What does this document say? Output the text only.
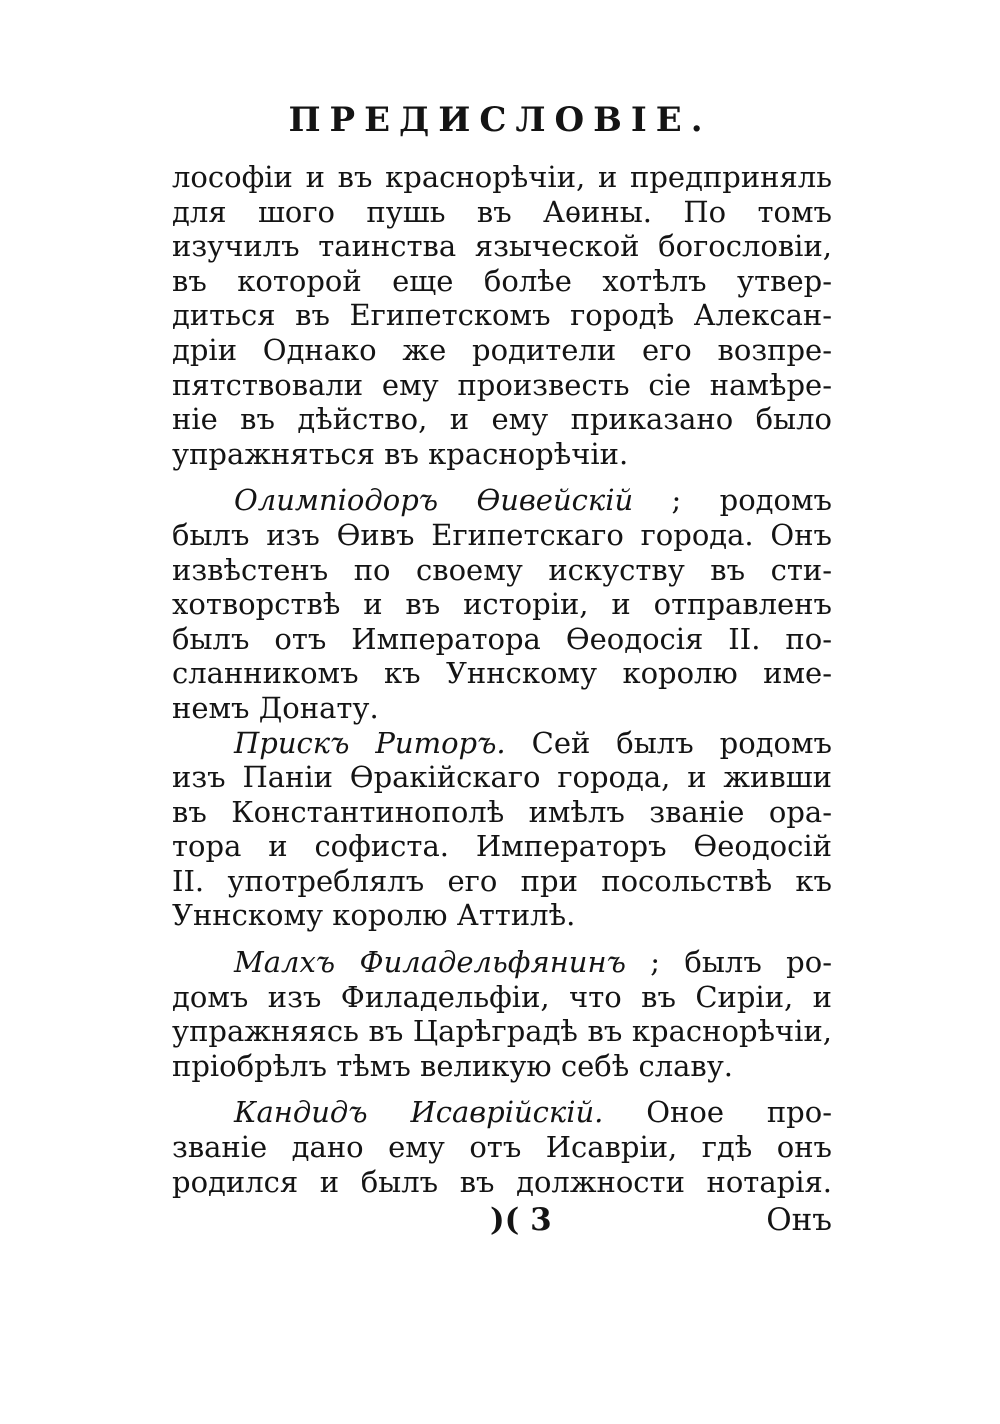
ПРЕДИСЛОВIЕ.
лософiи и въ краснорѣчiи, и предприняль
для шого пушь въ Аѳины. По томъ
изучилъ таинства языческой богословiи,
въ которой еще болѣе хотѣлъ утвер-
диться въ Египетскомъ городѣ Алексан-
дрiи Однако же родители его возпре-
пятствовали ему произвесть сiе намѣре-
нiе въ дѣйство, и ему приказано было
упражняться въ краснорѣчiи.
Олимпiодоръ Ѳивейскiй ; родомъ
былъ изъ Ѳивъ Египетскаго города. Онъ
извѣстенъ по своему искуству въ сти-
хотворствѣ и въ исторiи, и отправленъ
былъ отъ Императора Ѳеодосiя II. по-
сланникомъ къ Уннскому королю име-
немъ Донату.
Прискъ Риторъ. Сей былъ родомъ
изъ Панiи Ѳракiйскаго города, и живши
въ Константинополѣ имѣлъ званiе ора-
тора и софиста. Императоръ Ѳеодосiй
II. употреблялъ его при посольствѣ къ
Уннскому королю Аттилѣ.
Малхъ Филадельфянинъ ; былъ ро-
домъ изъ Филадельфiи, что въ Сирiи, и
упражняясь въ Царѣградѣ въ краснорѣчiи,
прiобрѣлъ тѣмъ великую себѣ славу.
Кандидъ Исаврiйскiй. Оное про-
званiе дано ему отъ Исаврiи, гдѣ онъ
родился и былъ въ должности нотарiя.
)( 3	Онъ
